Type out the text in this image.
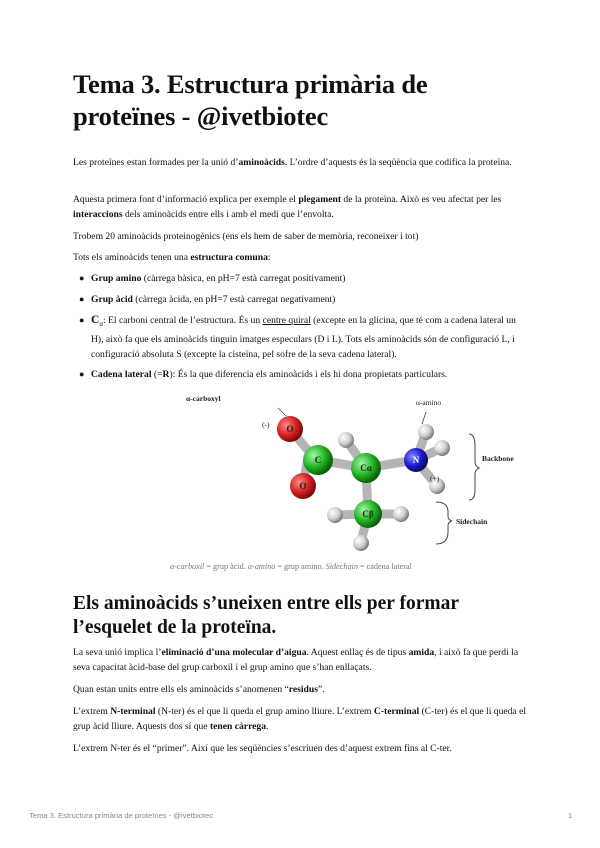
Tema 3. Estructura primària de proteïnes - @ivetbiotec

Les proteïnes estan formades per la unió d’aminoàcids. L’ordre d’aquests és la seqüència que codifica la proteïna.

Aquesta primera font d’informació explica per exemple el plegament de la proteïna. Això es veu afectat per les interaccions dels aminoàcids entre ells i amb el medi que l’envolta.

Trobem 20 aminoàcids proteinogènics (ens els hem de saber de memòria, reconeixer i tot)

Tots els aminoàcids tenen una estructura comuna:

● Grup amino (càrrega bàsica, en pH=7 està carregat positivament)
● Grup àcid (càrrega àcida, en pH=7 està carregat negativament)
● $C_\alpha$: El carboni central de l’estructura. És un centre quiral (excepte en la glicina, que té com a cadena lateral un H), això fa que els aminoàcids tinguin imatges especulars (D i L). Tots els aminoàcids són de configuració L, i configuració absoluta S (excepte la cisteïna, pel sofre de la seva cadena lateral).
● Cadena lateral (=R): És la que diferencia els aminoàcids i els hi dona propietats particulars.
O
O
C
Cα
N
Cβ
α-carboxyl	α-amino
(-)
(+)
Backbone
Sidechain
Els aminoàcids s’uneixen entre ells per formar l’esquelet de la proteïna.

La seva unió implica l’eliminació d’una molecular d’aigua. Aquest enllaç és de tipus amida, i això fa que perdi la seva capacitat àcid-base del grup carboxil i el grup amino que s’han enllaçats.

Quan estan units entre ells els aminoàcids s’anomenen “residus”.

L’extrem N-terminal (N-ter) és el que li queda el grup amino lliure. L’extrem C-terminal (C-ter) és el que li queda el grup àcid lliure. Aquests dos sí que tenen càrrega.

L’extrem N-ter és el “primer”. Així que les seqüències s’escriuen des d’aquest extrem fins al C-ter.

α-carboxil = grup àcid. α-amino = grup amino. Sidechain = cadena lateral
Tema 3. Estructura primària de proteïnes - @ivetbiotec	1
